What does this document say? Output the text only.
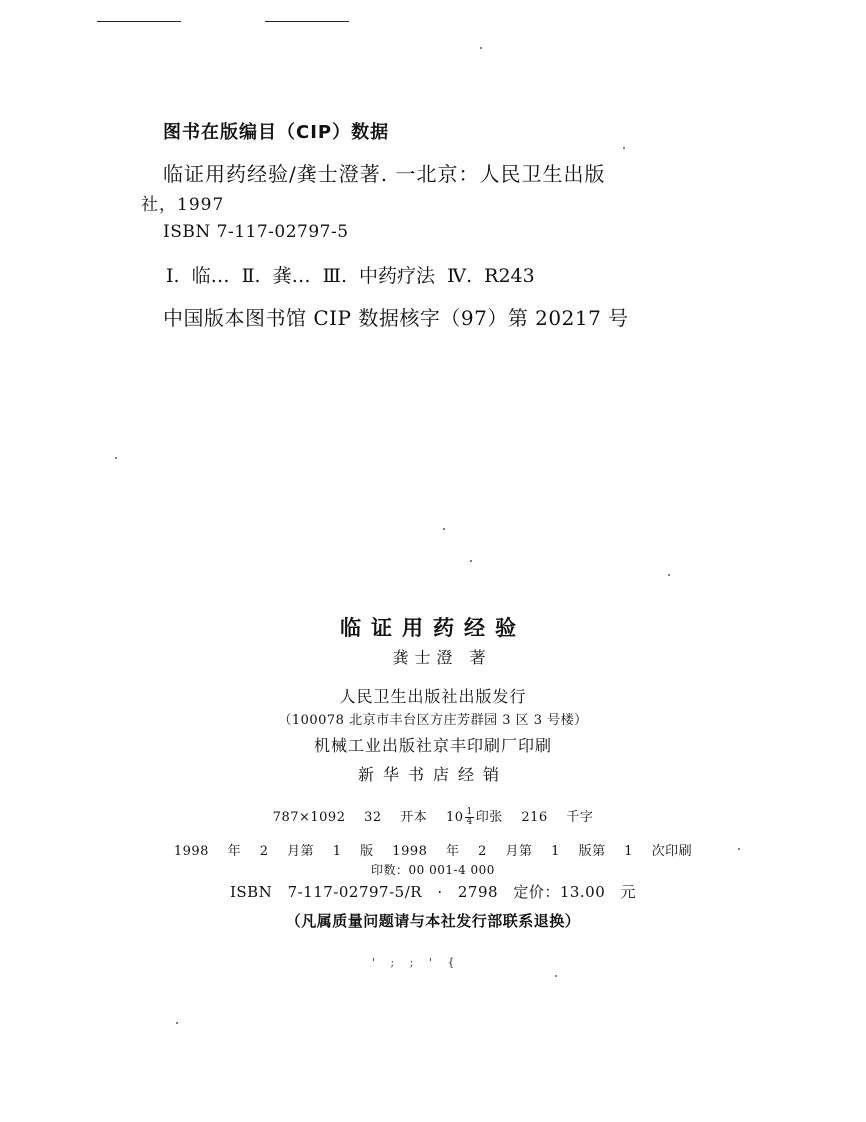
图书在版编目（CIP）数据
临证用药经验/龚士澄著. 一北京：人民卫生出版
社，1997
ISBN 7-117-02797-5
Ⅰ. 临… Ⅱ. 龚… Ⅲ. 中药疗法 Ⅳ. R243
中国版本图书馆 CIP 数据核字（97）第 20217 号
临证用药经验
龚士澄 著
人民卫生出版社出版发行
（100078 北京市丰台区方庄芳群园 3 区 3 号楼）
机械工业出版社京丰印刷厂印刷
新华书店经销
787×1092 32 开本 $10 \frac{1}{4}$ 印张 216 千字
1998 年 2 月第 1 版 1998 年 2 月第 1 版第 1 次印刷
印数：00 001-4 000
ISBN 7-117-02797-5/R · 2798 定价：13.00 元
（凡属质量问题请与本社发行部联系退换）
' ; ; ' {
